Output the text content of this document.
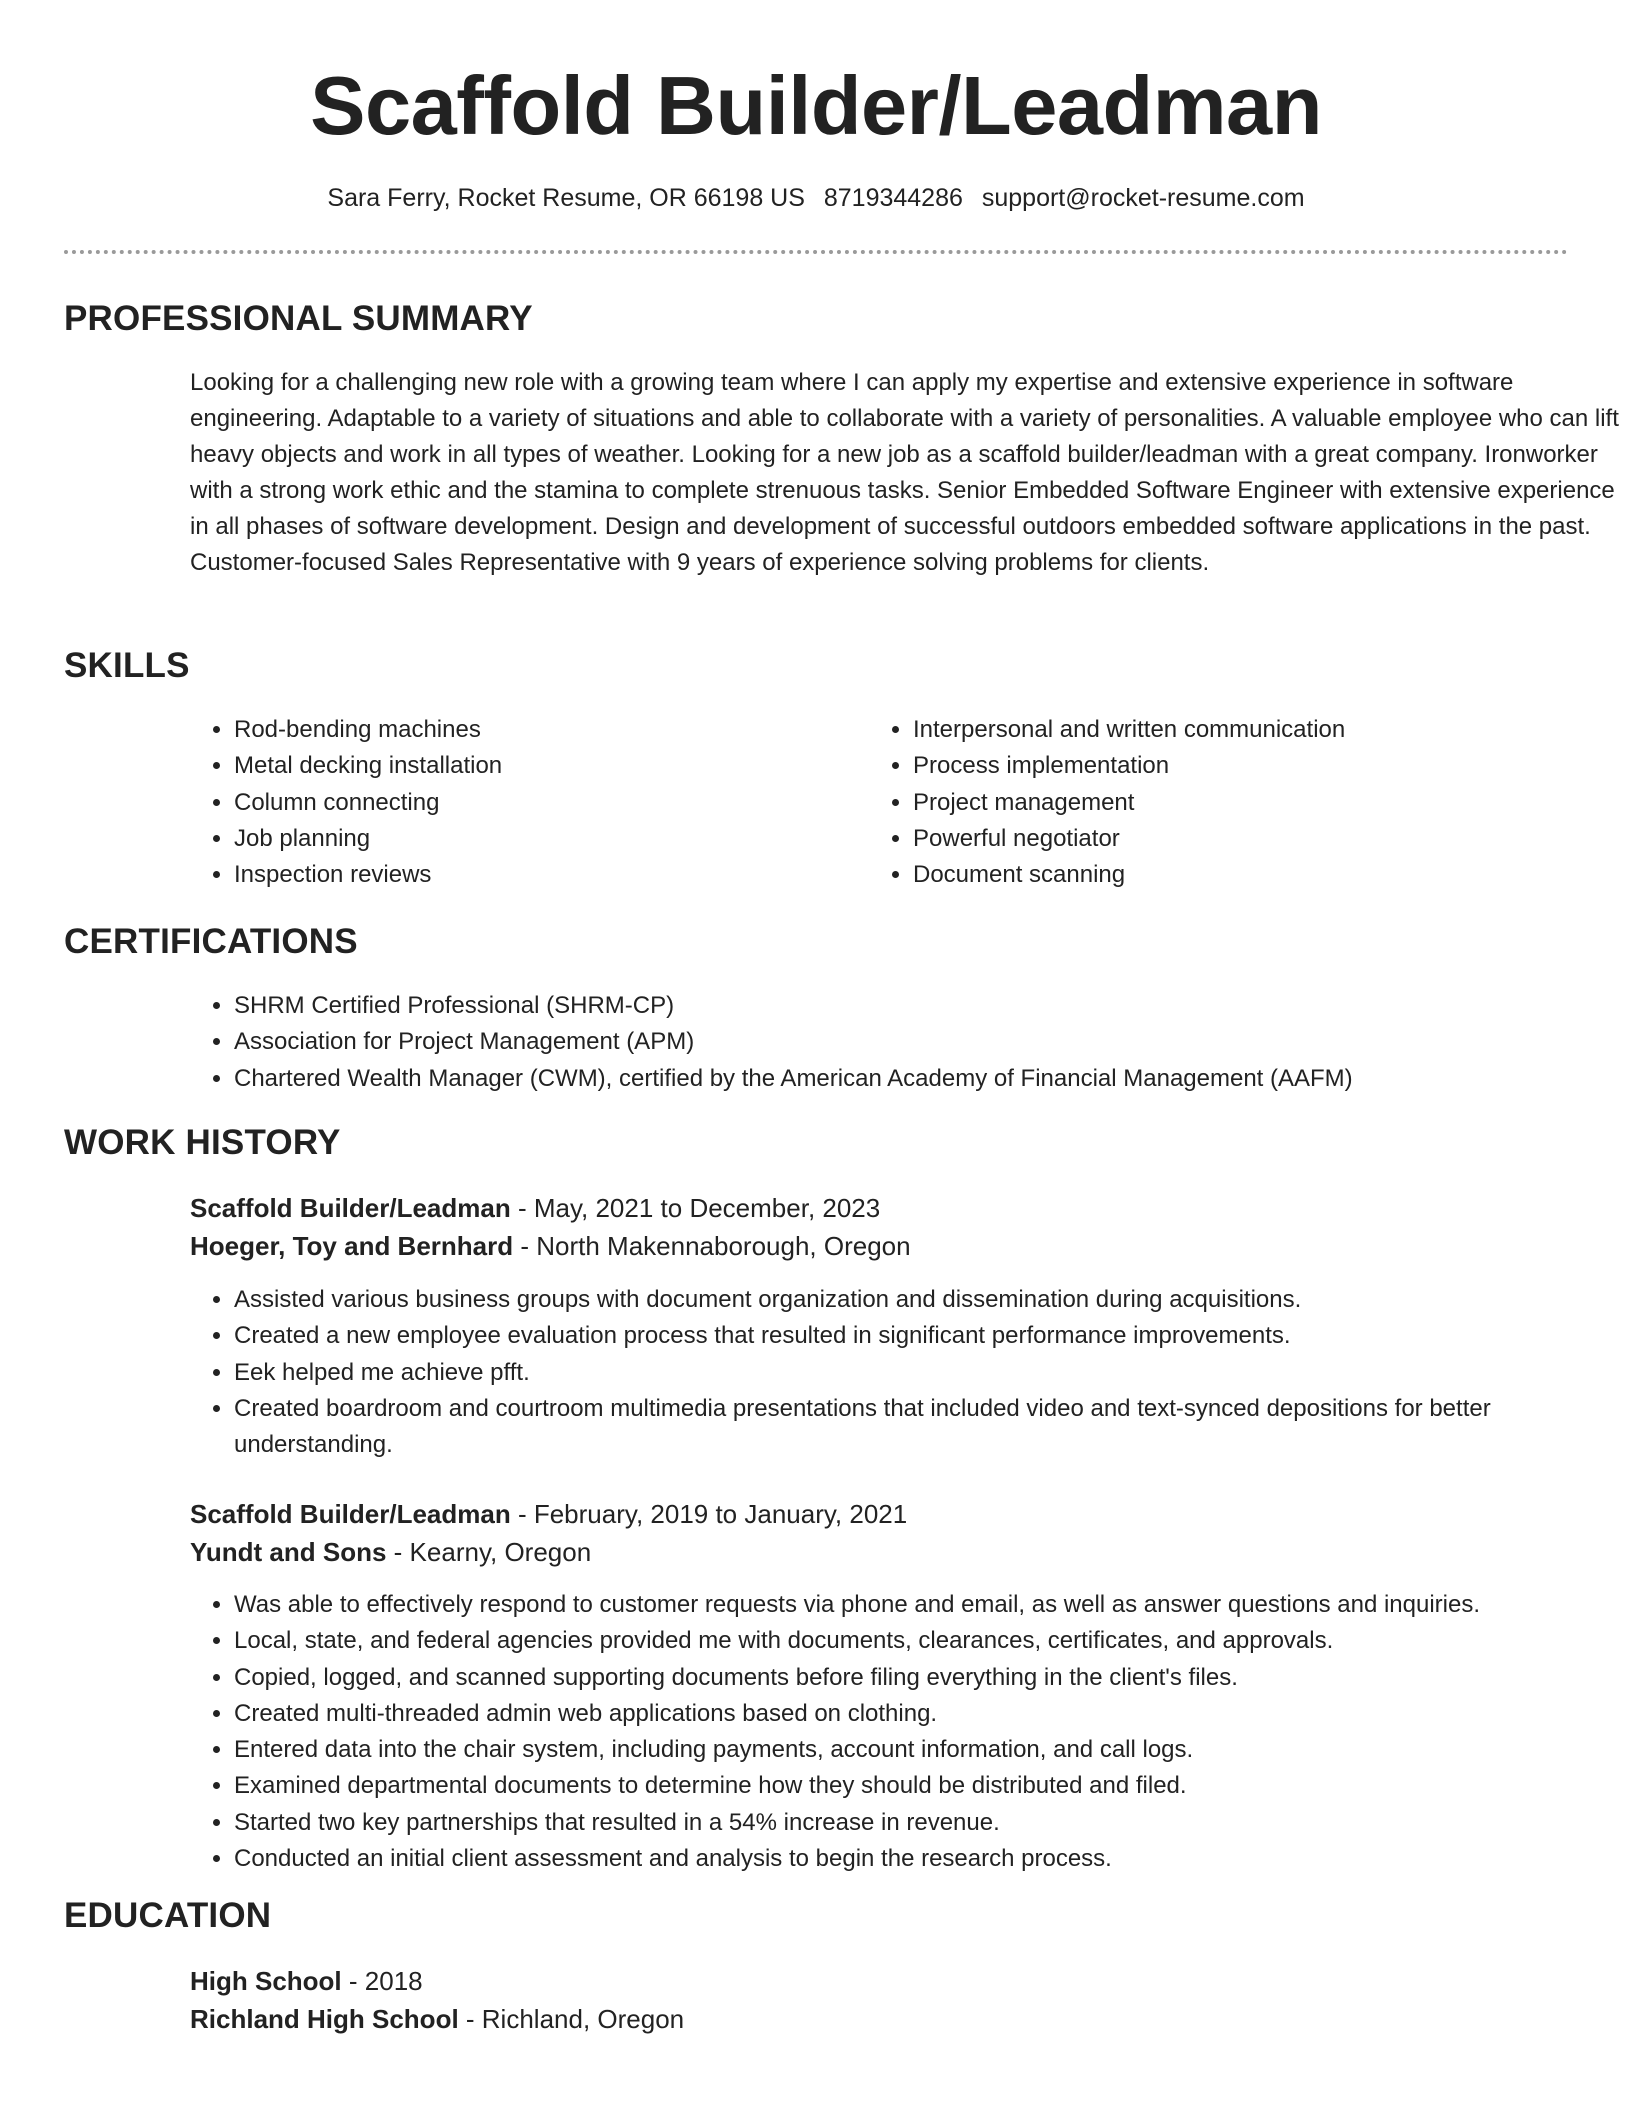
Scaffold Builder/Leadman
Sara Ferry, Rocket Resume, OR 66198 US 8719344286 support@rocket-resume.com
PROFESSIONAL SUMMARY

Looking for a challenging new role with a growing team where I can apply my expertise and extensive experience in software engineering. Adaptable to a variety of situations and able to collaborate with a variety of personalities. A valuable employee who can lift heavy objects and work in all types of weather. Looking for a new job as a scaffold builder/leadman with a great company. Ironworker with a strong work ethic and the stamina to complete strenuous tasks. Senior Embedded Software Engineer with extensive experience in all phases of software development. Design and development of successful outdoors embedded software applications in the past. Customer-focused Sales Representative with 9 years of experience solving problems for clients.

SKILLS
• Rod-bending machines
• Metal decking installation
• Column connecting
• Job planning
• Inspection reviews
• Interpersonal and written communication
• Process implementation
• Project management
• Powerful negotiator
• Document scanning
CERTIFICATIONS
• SHRM Certified Professional (SHRM-CP)
• Association for Project Management (APM)
• Chartered Wealth Manager (CWM), certified by the American Academy of Financial Management (AAFM)
WORK HISTORY
Scaffold Builder/Leadman - May, 2021 to December, 2023
Hoeger, Toy and Bernhard - North Makennaborough, Oregon
• Assisted various business groups with document organization and dissemination during acquisitions.
• Created a new employee evaluation process that resulted in significant performance improvements.
• Eek helped me achieve pfft.
• Created boardroom and courtroom multimedia presentations that included video and text-synced depositions for better understanding.
Scaffold Builder/Leadman - February, 2019 to January, 2021
Yundt and Sons - Kearny, Oregon
• Was able to effectively respond to customer requests via phone and email, as well as answer questions and inquiries.
• Local, state, and federal agencies provided me with documents, clearances, certificates, and approvals.
• Copied, logged, and scanned supporting documents before filing everything in the client's files.
• Created multi-threaded admin web applications based on clothing.
• Entered data into the chair system, including payments, account information, and call logs.
• Examined departmental documents to determine how they should be distributed and filed.
• Started two key partnerships that resulted in a 54% increase in revenue.
• Conducted an initial client assessment and analysis to begin the research process.
EDUCATION
High School - 2018
Richland High School - Richland, Oregon
